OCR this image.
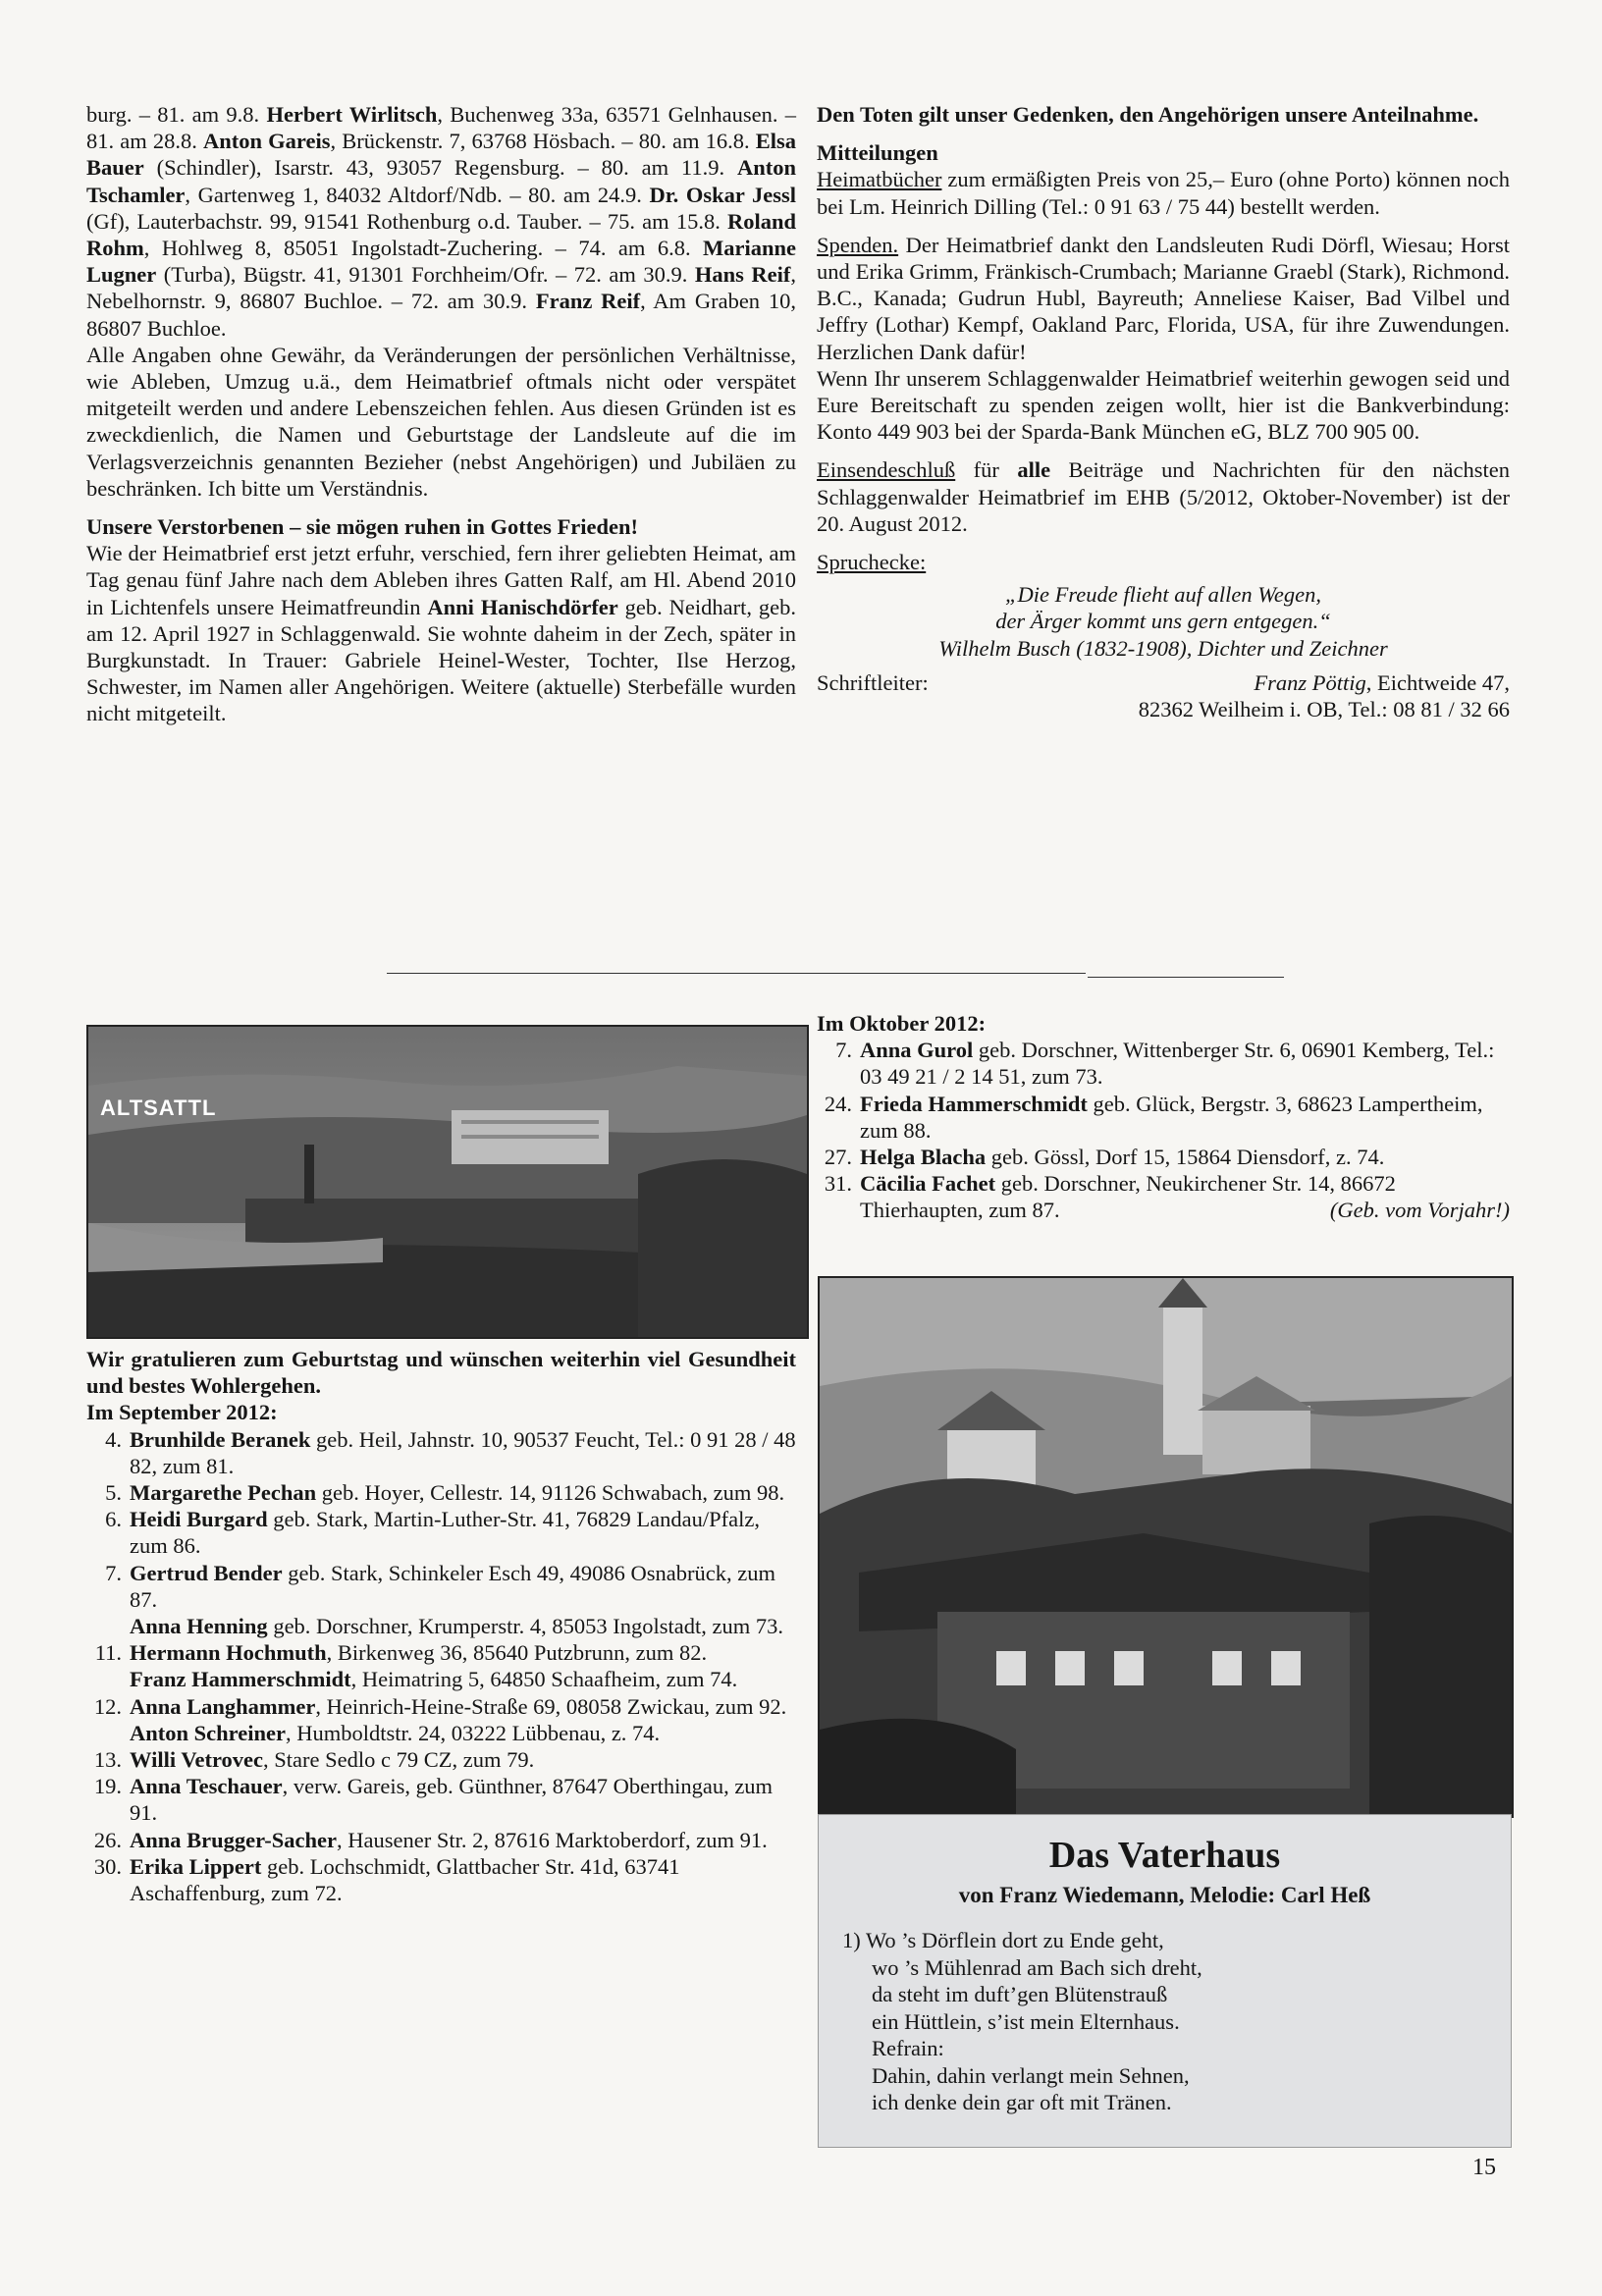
burg. – 81. am 9.8. Herbert Wirlitsch, Buchenweg 33a, 63571 Gelnhausen. – 81. am 28.8. Anton Gareis, Brückenstr. 7, 63768 Hösbach. – 80. am 16.8. Elsa Bauer (Schindler), Isarstr. 43, 93057 Regensburg. – 80. am 11.9. Anton Tschamler, Gartenweg 1, 84032 Altdorf/Ndb. – 80. am 24.9. Dr. Oskar Jessl (Gf), Lauterbachstr. 99, 91541 Rothenburg o.d. Tauber. – 75. am 15.8. Roland Rohm, Hohlweg 8, 85051 Ingolstadt-Zuchering. – 74. am 6.8. Marianne Lugner (Turba), Bügstr. 41, 91301 Forchheim/Ofr. – 72. am 30.9. Hans Reif, Nebelhornstr. 9, 86807 Buchloe. – 72. am 30.9. Franz Reif, Am Graben 10, 86807 Buchloe.

Alle Angaben ohne Gewähr, da Veränderungen der persönlichen Verhältnisse, wie Ableben, Umzug u.ä., dem Heimatbrief oftmals nicht oder verspätet mitgeteilt werden und andere Lebenszeichen fehlen. Aus diesen Gründen ist es zweckdienlich, die Namen und Geburtstage der Landsleute auf die im Verlagsverzeichnis genannten Bezieher (nebst Angehörigen) und Jubiläen zu beschränken. Ich bitte um Verständnis.

Unsere Verstorbenen – sie mögen ruhen in Gottes Frieden!

Wie der Heimatbrief erst jetzt erfuhr, verschied, fern ihrer geliebten Heimat, am Tag genau fünf Jahre nach dem Ableben ihres Gatten Ralf, am Hl. Abend 2010 in Lichtenfels unsere Heimatfreundin Anni Hanischdörfer geb. Neidhart, geb. am 12. April 1927 in Schlaggenwald. Sie wohnte daheim in der Zech, später in Burgkunstadt. In Trauer: Gabriele Heinel-Wester, Tochter, Ilse Herzog, Schwester, im Namen aller Angehörigen. Weitere (aktuelle) Sterbefälle wurden nicht mitgeteilt.

Den Toten gilt unser Gedenken, den Angehörigen unsere Anteilnahme.

Mitteilungen

Heimatbücher zum ermäßigten Preis von 25,– Euro (ohne Porto) können noch bei Lm. Heinrich Dilling (Tel.: 0 91 63 / 75 44) bestellt werden.

Spenden. Der Heimatbrief dankt den Landsleuten Rudi Dörfl, Wiesau; Horst und Erika Grimm, Fränkisch-Crumbach; Marianne Graebl (Stark), Richmond. B.C., Kanada; Gudrun Hubl, Bayreuth; Anneliese Kaiser, Bad Vilbel und Jeffry (Lothar) Kempf, Oakland Parc, Florida, USA, für ihre Zuwendungen. Herzlichen Dank dafür!

Wenn Ihr unserem Schlaggenwalder Heimatbrief weiterhin gewogen seid und Eure Bereitschaft zu spenden zeigen wollt, hier ist die Bankverbindung: Konto 449 903 bei der Sparda-Bank München eG, BLZ 700 905 00.

Einsendeschluß für alle Beiträge und Nachrichten für den nächsten Schlaggenwalder Heimatbrief im EHB (5/2012, Oktober-November) ist der 20. August 2012.

Spruchecke:

„Die Freude flieht auf allen Wegen,

der Ärger kommt uns gern entgegen.“

Wilhelm Busch (1832-1908), Dichter und Zeichner

Schriftleiter:	Franz Pöttig, Eichtweide 47,

82362 Weilheim i. OB, Tel.: 08 81 / 32 66

ALTSATTL

Wir gratulieren zum Geburtstag und wünschen weiterhin viel Gesundheit und bestes Wohlergehen.

Im September 2012:

4. Brunhilde Beranek geb. Heil, Jahnstr. 10, 90537 Feucht, Tel.: 0 91 28 / 48 82, zum 81.
5. Margarethe Pechan geb. Hoyer, Cellestr. 14, 91126 Schwabach, zum 98.
6. Heidi Burgard geb. Stark, Martin-Luther-Str. 41, 76829 Landau/Pfalz, zum 86.
7. Gertrud Bender geb. Stark, Schinkeler Esch 49, 49086 Osnabrück, zum 87.
Anna Henning geb. Dorschner, Krumperstr. 4, 85053 Ingolstadt, zum 73.
11. Hermann Hochmuth, Birkenweg 36, 85640 Putzbrunn, zum 82.
Franz Hammerschmidt, Heimatring 5, 64850 Schaafheim, zum 74.
12. Anna Langhammer, Heinrich-Heine-Straße 69, 08058 Zwickau, zum 92.
Anton Schreiner, Humboldtstr. 24, 03222 Lübbenau, z. 74.
13. Willi Vetrovec, Stare Sedlo c 79 CZ, zum 79.
19. Anna Teschauer, verw. Gareis, geb. Günthner, 87647 Oberthingau, zum 91.
26. Anna Brugger-Sacher, Hausener Str. 2, 87616 Marktoberdorf, zum 91.
30. Erika Lippert geb. Lochschmidt, Glattbacher Str. 41d, 63741 Aschaffenburg, zum 72.

Im Oktober 2012:

7. Anna Gurol geb. Dorschner, Wittenberger Str. 6, 06901 Kemberg, Tel.: 03 49 21 / 2 14 51, zum 73.
24. Frieda Hammerschmidt geb. Glück, Bergstr. 3, 68623 Lampertheim, zum 88.
27. Helga Blacha geb. Gössl, Dorf 15, 15864 Diensdorf, z. 74.
31. Cäcilia Fachet geb. Dorschner, Neukirchener Str. 14, 86672 Thierhaupten, zum 87.	(Geb. vom Vorjahr!)
Das Vaterhaus
von Franz Wiedemann, Melodie: Carl Heß

1) Wo ’s Dörflein dort zu Ende geht,

wo ’s Mühlenrad am Bach sich dreht,

da steht im duft’gen Blütenstrauß

ein Hüttlein, s’ist mein Elternhaus.

Refrain:

Dahin, dahin verlangt mein Sehnen,

ich denke dein gar oft mit Tränen.

15
